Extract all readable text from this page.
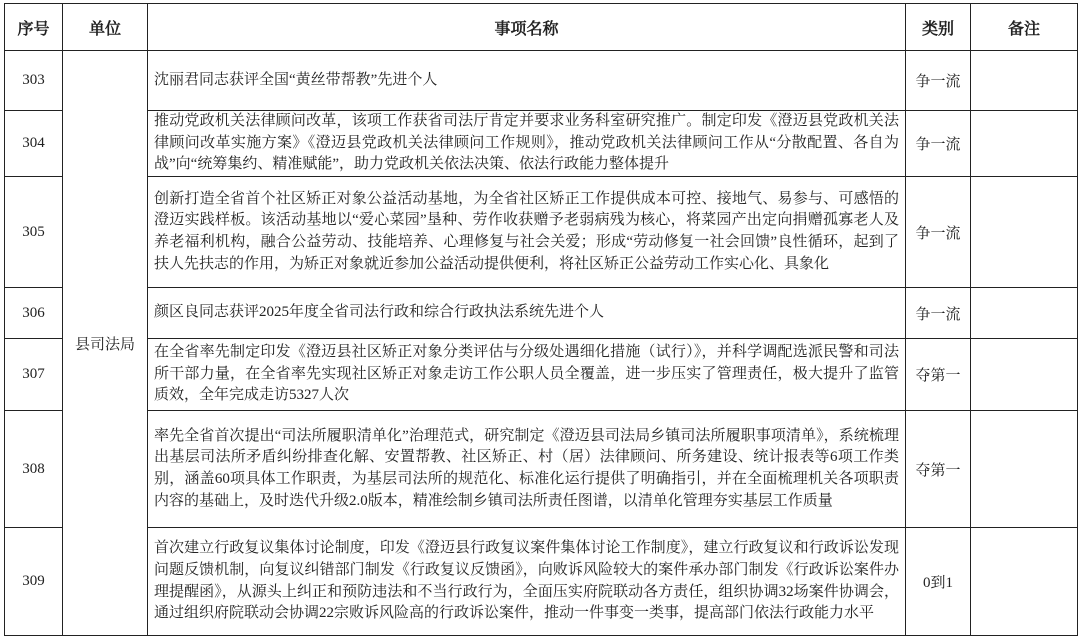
序号	单位	事项名称	类别	备注
303	县司法局	沈丽君同志获评全国“黄丝带帮教”先进个人	争一流	
304		推动党政机关法律顾问改革，该项工作获省司法厅肯定并要求业务科室研究推广。制定印发《澄迈县党政机关法律顾问改革实施方案》《澄迈县党政机关法律顾问工作规则》，推动党政机关法律顾问工作从“分散配置、各自为战”向“统筹集约、精准赋能”，助力党政机关依法决策、依法行政能力整体提升	争一流	
305		创新打造全省首个社区矫正对象公益活动基地，为全省社区矫正工作提供成本可控、接地气、易参与、可感悟的澄迈实践样板。该活动基地以“爱心菜园”垦种、劳作收获赠予老弱病残为核心，将菜园产出定向捐赠孤寡老人及养老福利机构，融合公益劳动、技能培养、心理修复与社会关爱；形成“劳动修复一社会回馈”良性循环，起到了扶人先扶志的作用，为矫正对象就近参加公益活动提供便利，将社区矫正公益劳动工作实心化、具象化	争一流	
306		颜区良同志获评2025年度全省司法行政和综合行政执法系统先进个人	争一流	
307		在全省率先制定印发《澄迈县社区矫正对象分类评估与分级处遇细化措施（试行）》，并科学调配选派民警和司法所干部力量，在全省率先实现社区矫正对象走访工作公职人员全覆盖，进一步压实了管理责任，极大提升了监管质效，全年完成走访5327人次	夺第一	
308		率先全省首次提出“司法所履职清单化”治理范式，研究制定《澄迈县司法局乡镇司法所履职事项清单》，系统梳理出基层司法所矛盾纠纷排查化解、安置帮教、社区矫正、村（居）法律顾问、所务建设、统计报表等6项工作类别，涵盖60项具体工作职责，为基层司法所的规范化、标准化运行提供了明确指引，并在全面梳理机关各项职责内容的基础上，及时迭代升级2.0版本，精准绘制乡镇司法所责任图谱，以清单化管理夯实基层工作质量	夺第一	
309		首次建立行政复议集体讨论制度，印发《澄迈县行政复议案件集体讨论工作制度》，建立行政复议和行政诉讼发现问题反馈机制，向复议纠错部门制发《行政复议反馈函》，向败诉风险较大的案件承办部门制发《行政诉讼案件办理提醒函》，从源头上纠正和预防违法和不当行政行为，全面压实府院联动各方责任，组织协调32场案件协调会，通过组织府院联动会协调22宗败诉风险高的行政诉讼案件，推动一件事变一类事，提高部门依法行政能力水平	0到1	
